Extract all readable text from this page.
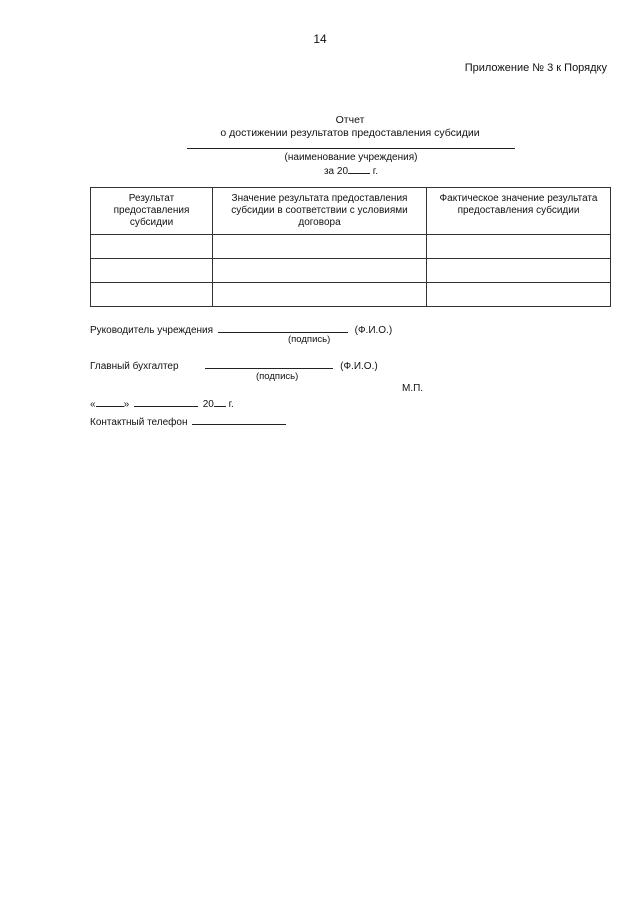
14
Приложение № 3 к Порядку
Отчет
о достижении результатов предоставления субсидии
(наименование учреждения)
за 20 г.
Результат предоставления субсидии	Значение результата предоставления субсидии в соответствии с условиями договора	Фактическое значение результата предоставления субсидии

Руководитель учреждения	(Ф.И.О.)
(подпись)
Главный бухгалтер	(Ф.И.О.)
(подпись)
М.П.
«	»	20 г.
Контактный телефон
